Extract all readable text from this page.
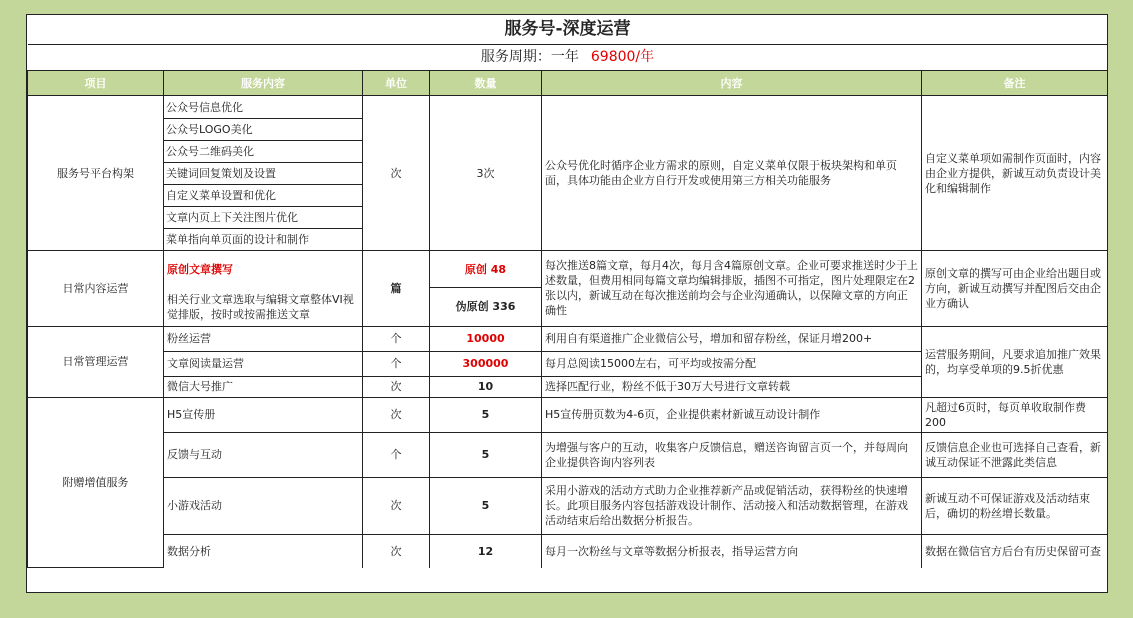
服务号-深度运营					
服务周期：一年 69800/年					
项目	服务内容	单位	数量	内容	备注
服务号平台构架	公众号信息优化	次	3次	公众号优化时循序企业方需求的原则，自定义菜单仅限于板块架构和单页面，具体功能由企业方自行开发或使用第三方相关功能服务	自定义菜单项如需制作页面时，内容由企业方提供，新诚互动负责设计美化和编辑制作
	公众号LOGO美化				
	公众号二维码美化				
	关键词回复策划及设置				
	自定义菜单设置和优化				
	文章内页上下关注图片优化				
	菜单指向单页面的设计和制作				
日常内容运营	原创文章撰写	篇	原创 48	每次推送8篇文章，每月4次，每月含4篇原创文章。企业可要求推送时少于上述数量，但费用相同每篇文章均编辑排版，插图不可指定，图片处理限定在2张以内，新诚互动在每次推送前均会与企业沟通确认，以保障文章的方向正确性	原创文章的撰写可由企业给出题目或方向，新诚互动撰写并配图后交由企业方确认
	相关行业文章选取与编辑文章整体VI视觉排版，按时或按需推送文章		伪原创 336		
日常管理运营	粉丝运营	个	10000	利用自有渠道推广企业微信公号，增加和留存粉丝，保证月增200+	运营服务期间，凡要求追加推广效果的，均享受单项的9.5折优惠
	文章阅读量运营	个	300000	每月总阅读15000左右，可平均或按需分配	
	微信大号推广	次	10	选择匹配行业，粉丝不低于30万大号进行文章转载	
附赠增值服务	H5宣传册	次	5	H5宣传册页数为4-6页，企业提供素材新诚互动设计制作	凡超过6页时，每页单收取制作费200
	反馈与互动	个	5	为增强与客户的互动，收集客户反馈信息，赠送咨询留言页一个，并每周向企业提供咨询内容列表	反馈信息企业也可选择自己查看，新诚互动保证不泄露此类信息
	小游戏活动	次	5	采用小游戏的活动方式助力企业推荐新产品或促销活动，获得粉丝的快速增长。此项目服务内容包括游戏设计制作、活动接入和活动数据管理，在游戏活动结束后给出数据分析报告。	新诚互动不可保证游戏及活动结束后，确切的粉丝增长数量。
	数据分析	次	12	每月一次粉丝与文章等数据分析报表，指导运营方向	数据在微信官方后台有历史保留可查
